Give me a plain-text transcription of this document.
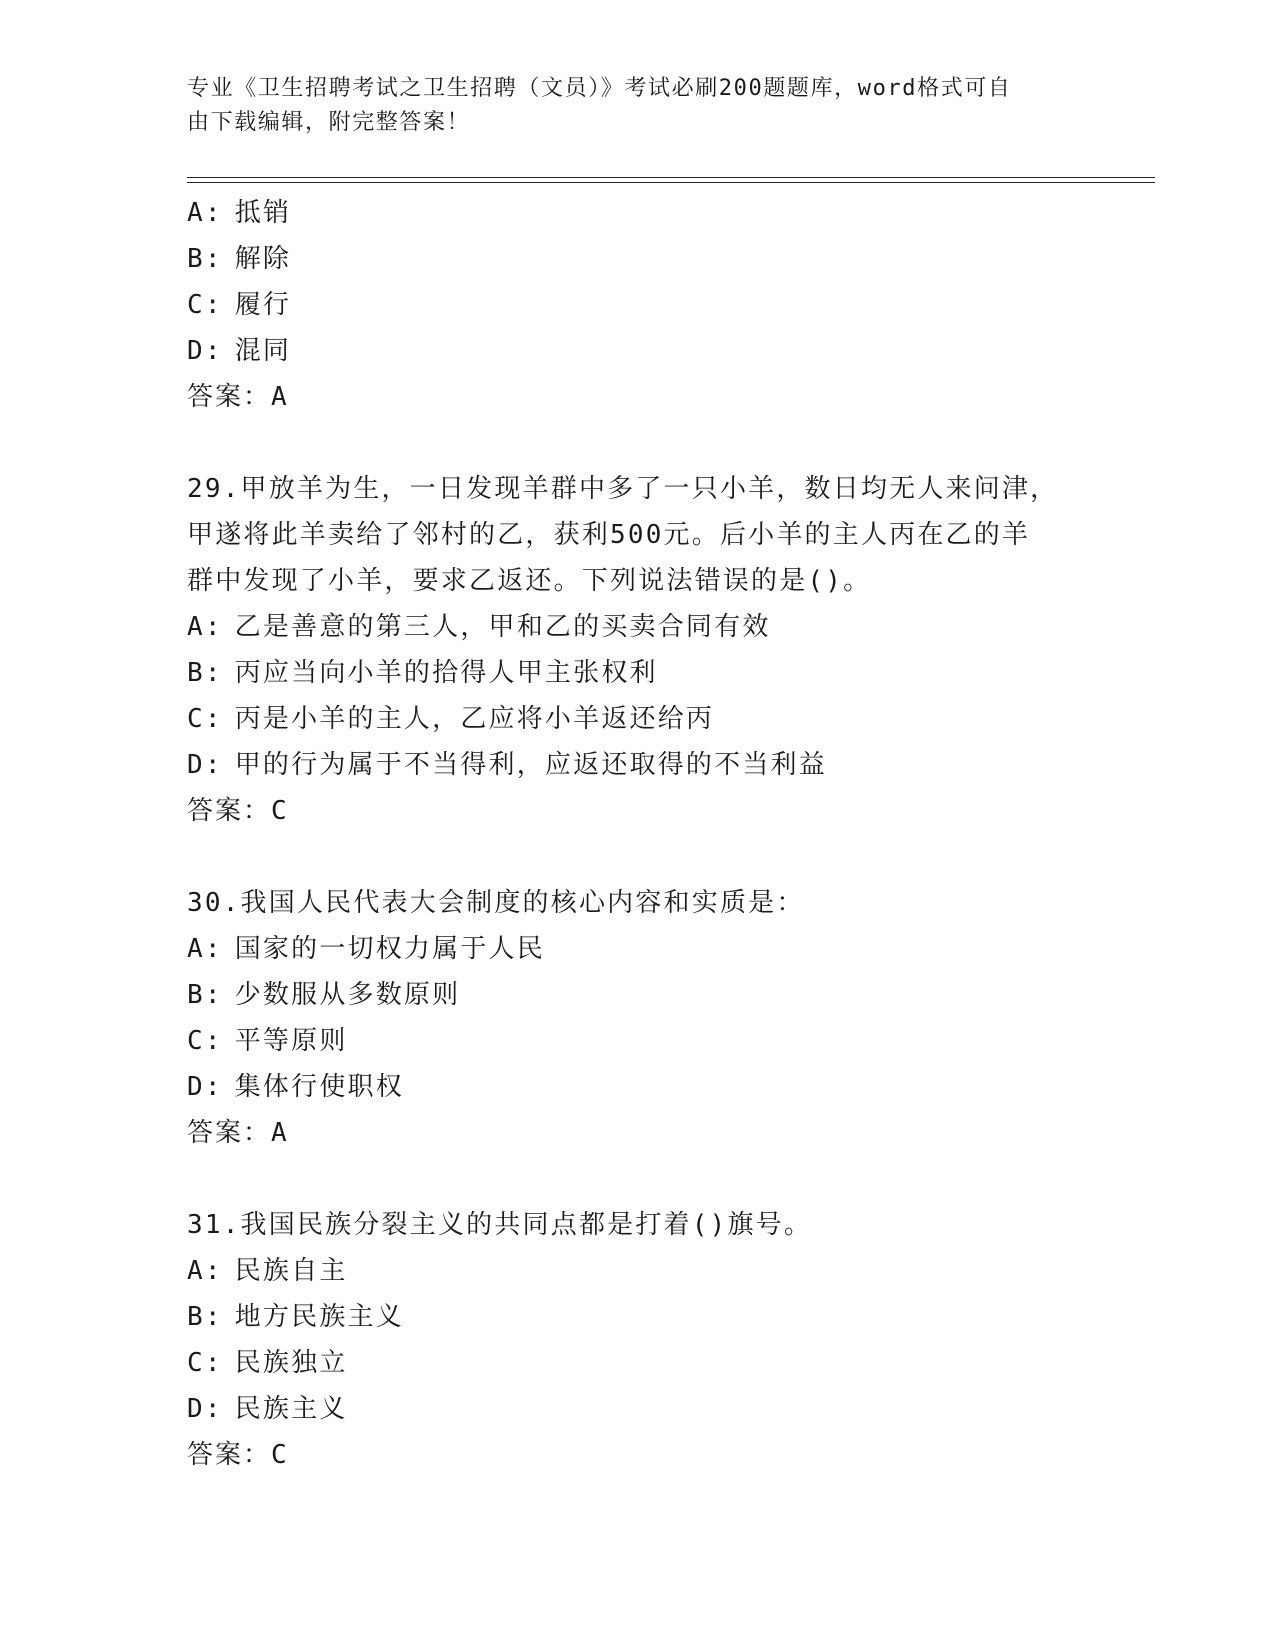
专业《卫生招聘考试之卫生招聘（文员）》考试必刷200题题库，word格式可自
由下载编辑，附完整答案！
A: 抵销
B: 解除
C: 履行
D: 混同
答案：A
29.甲放羊为生，一日发现羊群中多了一只小羊，数日均无人来问津，
甲遂将此羊卖给了邻村的乙，获利500元。后小羊的主人丙在乙的羊
群中发现了小羊，要求乙返还。下列说法错误的是()。
A: 乙是善意的第三人，甲和乙的买卖合同有效
B: 丙应当向小羊的拾得人甲主张权利
C: 丙是小羊的主人，乙应将小羊返还给丙
D: 甲的行为属于不当得利，应返还取得的不当利益
答案：C
30.我国人民代表大会制度的核心内容和实质是：
A: 国家的一切权力属于人民
B: 少数服从多数原则
C: 平等原则
D: 集体行使职权
答案：A
31.我国民族分裂主义的共同点都是打着()旗号。
A: 民族自主
B: 地方民族主义
C: 民族独立
D: 民族主义
答案：C
